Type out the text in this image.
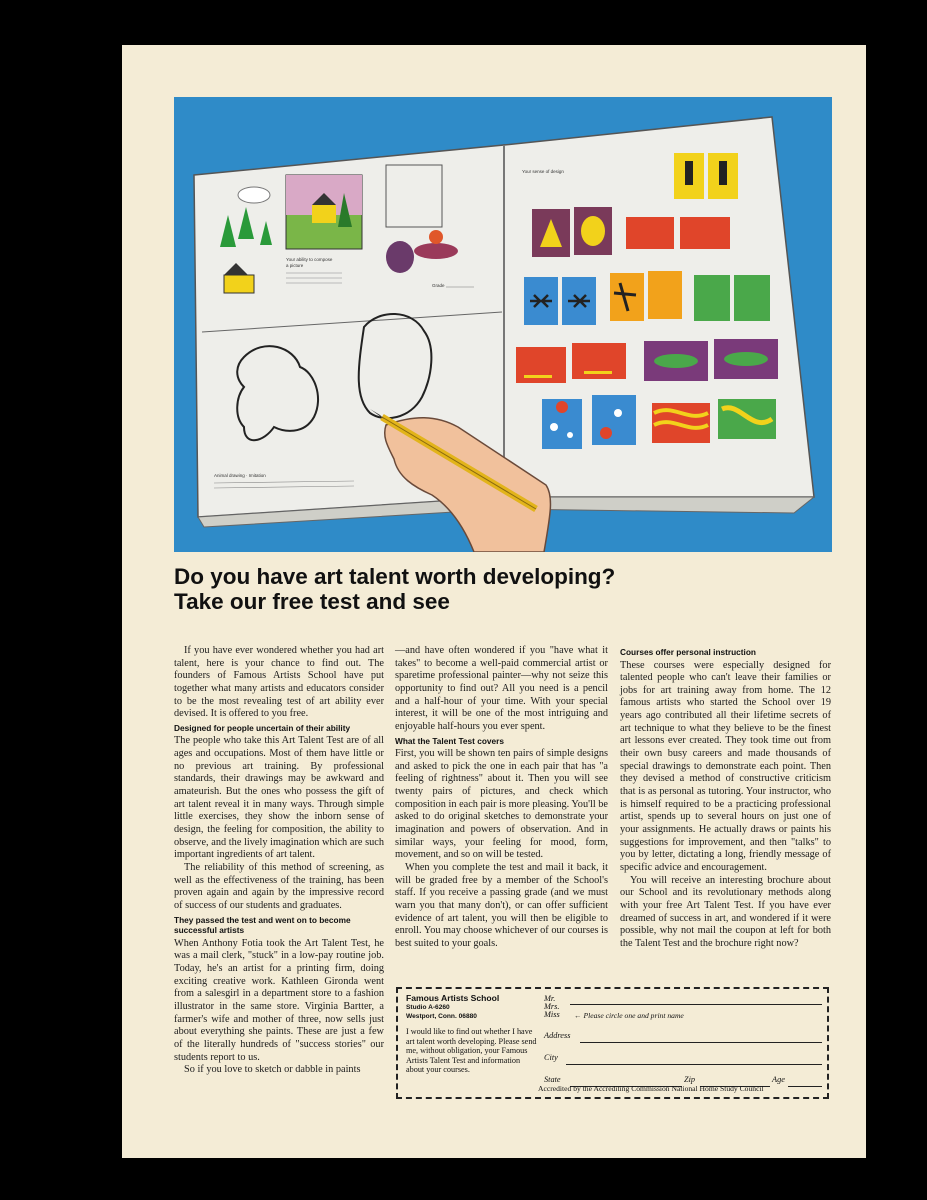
Your ability to compose
a picture
Grade
Animal drawing · Imitation
Your sense of design
Do you have art talent worth developing?
Take our free test and see

If you have ever wondered whether you had art talent, here is your chance to find out. The founders of Famous Artists School have put together what many artists and educators consider to be the most revealing test of art ability ever devised. It is offered to you free.

Designed for people uncertain of their ability

The people who take this Art Talent Test are of all ages and occupations. Most of them have little or no previous art training. By professional standards, their drawings may be awkward and amateurish. But the ones who possess the gift of art talent reveal it in many ways. Through simple little exercises, they show the inborn sense of design, the feeling for composition, the ability to observe, and the lively imagination which are such important ingredients of art talent.

The reliability of this method of screening, as well as the effectiveness of the training, has been proven again and again by the impressive record of success of our students and graduates.

They passed the test and went on to become successful artists

When Anthony Fotia took the Art Talent Test, he was a mail clerk, "stuck" in a low-pay routine job. Today, he's an artist for a printing firm, doing exciting creative work. Kathleen Gironda went from a salesgirl in a department store to a fashion illustrator in the same store. Virginia Bartter, a farmer's wife and mother of three, now sells just about everything she paints. These are just a few of the literally hundreds of "success stories" our students report to us.

So if you love to sketch or dabble in paints

—and have often wondered if you "have what it takes" to become a well-paid commercial artist or sparetime professional painter—why not seize this opportunity to find out? All you need is a pencil and a half-hour of your time. With your special interest, it will be one of the most intriguing and enjoyable half-hours you ever spent.

What the Talent Test covers

First, you will be shown ten pairs of simple designs and asked to pick the one in each pair that has "a feeling of rightness" about it. Then you will see twenty pairs of pictures, and check which composition in each pair is more pleasing. You'll be asked to do original sketches to demonstrate your imagination and powers of observation. And in similar ways, your feeling for mood, form, movement, and so on will be tested.

When you complete the test and mail it back, it will be graded free by a member of the School's staff. If you receive a passing grade (and we must warn you that many don't), or can offer sufficient evidence of art talent, you will then be eligible to enroll. You may choose whichever of our courses is best suited to your goals.

Courses offer personal instruction

These courses were especially designed for talented people who can't leave their families or jobs for art training away from home. The 12 famous artists who started the School over 19 years ago contributed all their lifetime secrets of art technique to what they believe to be the finest art lessons ever created. They took time out from their own busy careers and made thousands of special drawings to demonstrate each point. Then they devised a method of constructive criticism that is as personal as tutoring. Your instructor, who is himself required to be a practicing professional artist, spends up to several hours on just one of your assignments. He actually draws or paints his suggestions for improvement, and then "talks" to you by letter, dictating a long, friendly message of specific advice and encouragement.

You will receive an interesting brochure about our School and its revolutionary methods along with your free Art Talent Test. If you have ever dreamed of success in art, and wondered if it were possible, why not mail the coupon at left for both the Talent Test and the brochure right now?

Famous Artists School
Studio A-6260
Westport, Conn. 06880
I would like to find out whether I have art talent worth developing. Please send me, without obligation, your Famous Artists Talent Test and information about your courses.
Mr.
Mrs.
Miss ← Please circle one and print name
Address
City
State	Zip	Age
Accredited by the Accrediting Commission National Home Study Council
